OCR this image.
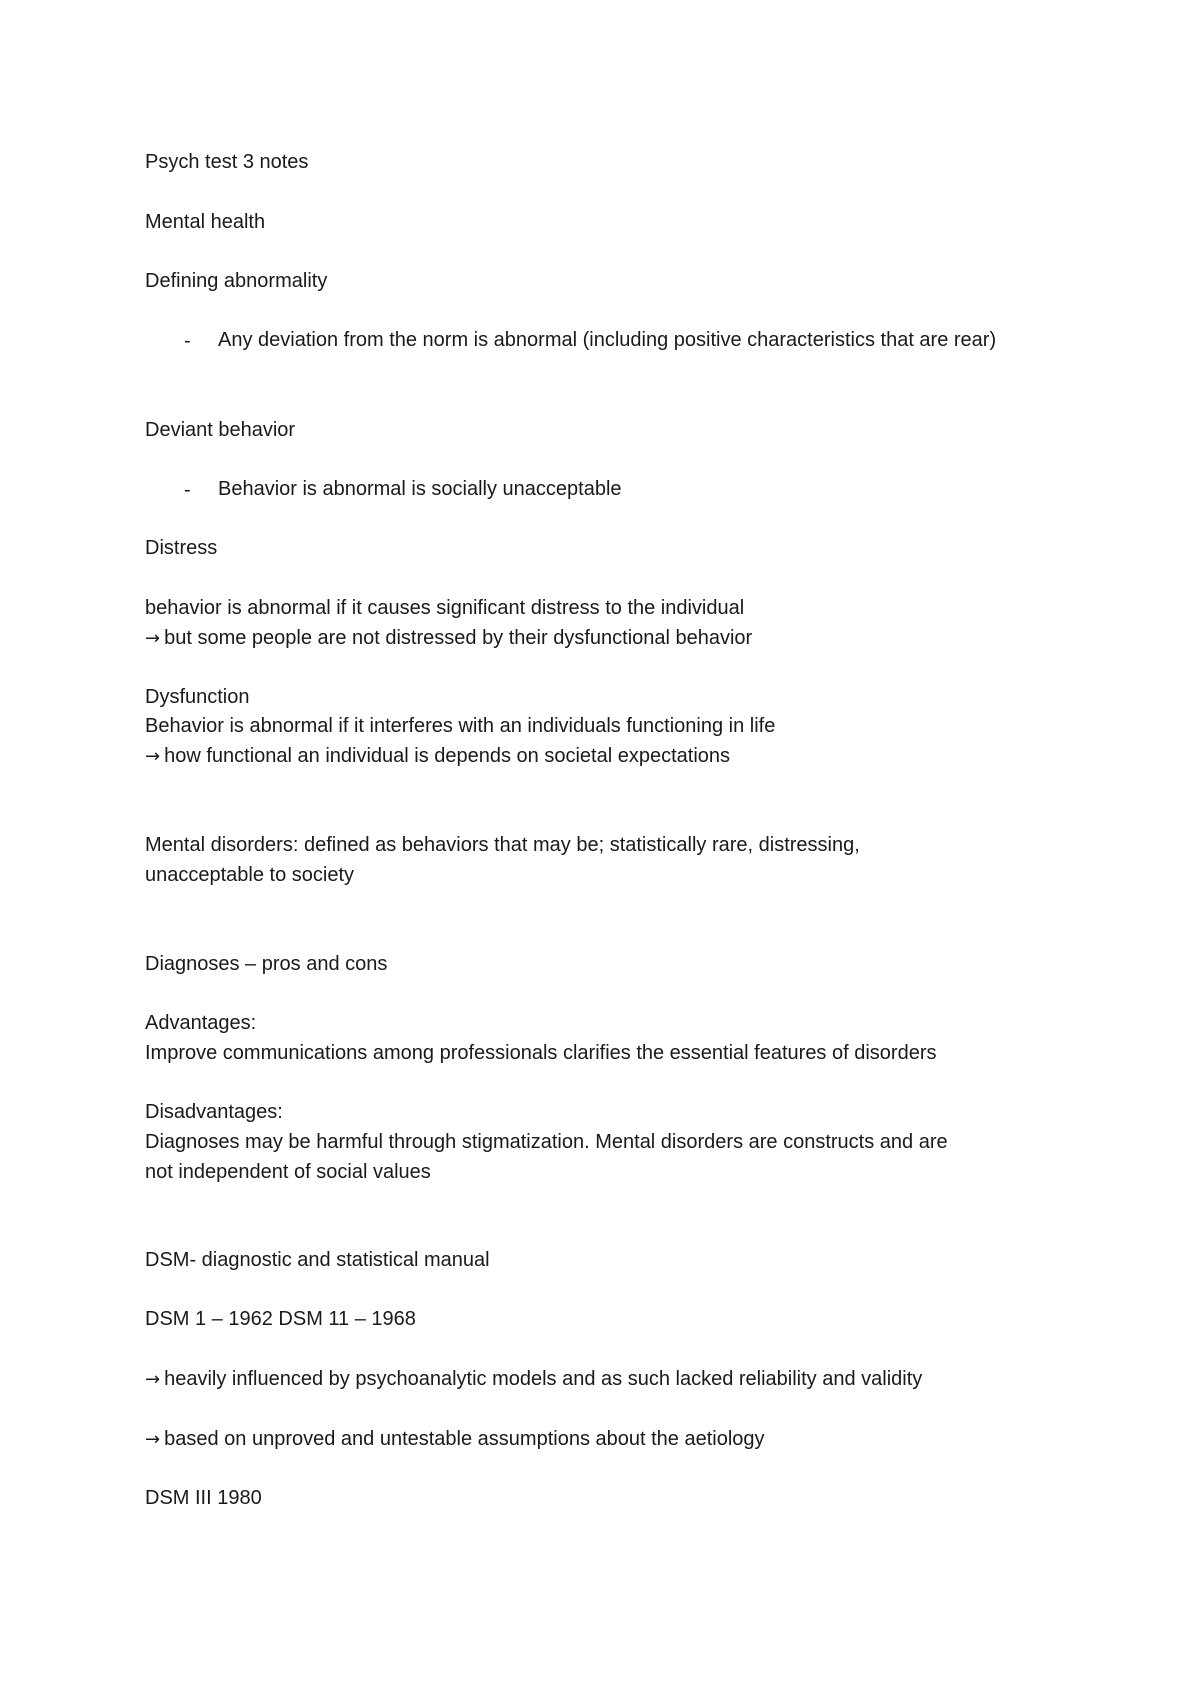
Psych test 3 notes

Mental health

Defining abnormality

- Any deviation from the norm is abnormal (including positive characteristics that are rear)

Deviant behavior

- Behavior is abnormal is socially unacceptable

Distress

behavior is abnormal if it causes significant distress to the individual

→ but some people are not distressed by their dysfunctional behavior

Dysfunction

Behavior is abnormal if it interferes with an individuals functioning in life

→ how functional an individual is depends on societal expectations

Mental disorders: defined as behaviors that may be; statistically rare, distressing,

unacceptable to society

Diagnoses – pros and cons

Advantages:

Improve communications among professionals clarifies the essential features of disorders

Disadvantages:

Diagnoses may be harmful through stigmatization. Mental disorders are constructs and are

not independent of social values

DSM- diagnostic and statistical manual

DSM 1 – 1962 DSM 11 – 1968

→ heavily influenced by psychoanalytic models and as such lacked reliability and validity

→ based on unproved and untestable assumptions about the aetiology

DSM III 1980
